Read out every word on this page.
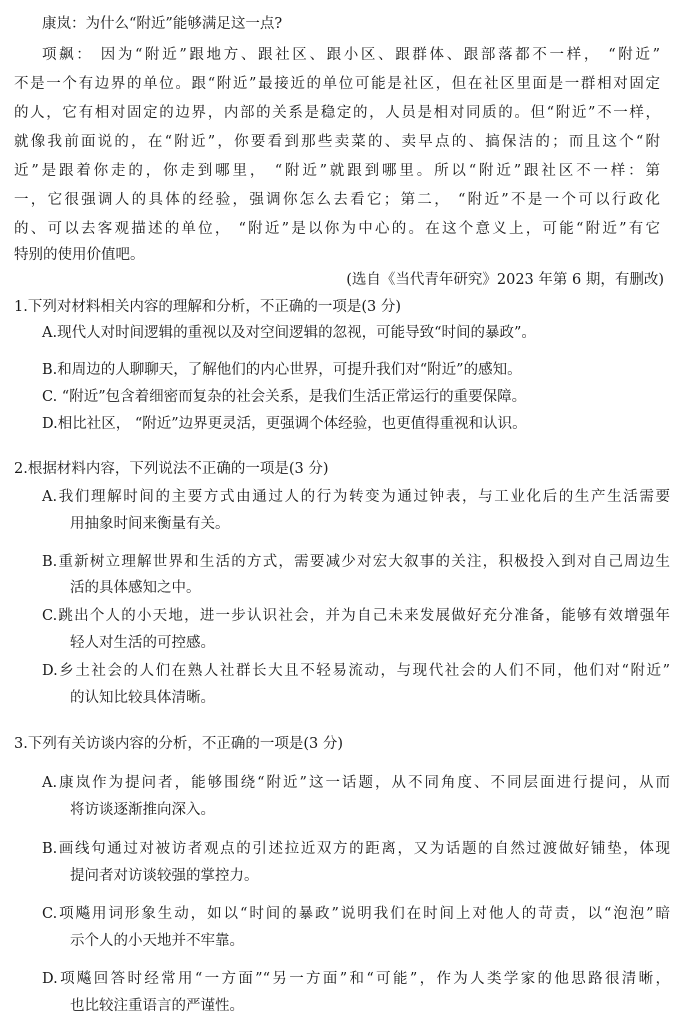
康岚：为什么“附近”能够满足这一点?
项飙： 因为“附近”跟地方、跟社区、跟小区、跟群体、跟部落都不一样， “附近”
不是一个有边界的单位。跟“附近”最接近的单位可能是社区，但在社区里面是一群相对固定
的人，它有相对固定的边界，内部的关系是稳定的，人员是相对同质的。但“附近”不一样，
就像我前面说的，在“附近”，你要看到那些卖菜的、卖早点的、搞保洁的；而且这个“附
近”是跟着你走的，你走到哪里， “附近”就跟到哪里。所以“附近”跟社区不一样：第
一，它很强调人的具体的经验，强调你怎么去看它；第二， “附近”不是一个可以行政化
的、可以去客观描述的单位， “附近”是以你为中心的。在这个意义上，可能“附近”有它
特别的使用价值吧。
(选自《当代青年研究》2023 年第 6 期，有删改)
1.下列对材料相关内容的理解和分析，不正确的一项是(3 分)
A.现代人对时间逻辑的重视以及对空间逻辑的忽视，可能导致“时间的暴政”。
B.和周边的人聊聊天，了解他们的内心世界，可提升我们对“附近”的感知。
C. “附近”包含着细密而复杂的社会关系，是我们生活正常运行的重要保障。
D.相比社区， “附近”边界更灵活，更强调个体经验，也更值得重视和认识。
2.根据材料内容，下列说法不正确的一项是(3 分)
A.我们理解时间的主要方式由通过人的行为转变为通过钟表，与工业化后的生产生活需要
用抽象时间来衡量有关。
B.重新树立理解世界和生活的方式，需要减少对宏大叙事的关注，积极投入到对自己周边生
活的具体感知之中。
C.跳出个人的小天地，进一步认识社会，并为自己未来发展做好充分准备，能够有效增强年
轻人对生活的可控感。
D.乡土社会的人们在熟人社群长大且不轻易流动，与现代社会的人们不同，他们对“附近”
的认知比较具体清晰。
3.下列有关访谈内容的分析，不正确的一项是(3 分)
A.康岚作为提问者，能够围绕“附近”这一话题，从不同角度、不同层面进行提问，从而
将访谈逐渐推向深入。
B.画线句通过对被访者观点的引述拉近双方的距离，又为话题的自然过渡做好铺垫，体现
提问者对访谈较强的掌控力。
C.项飚用词形象生动，如以“时间的暴政”说明我们在时间上对他人的苛责，以“泡泡”暗
示个人的小天地并不牢靠。
D.项飚回答时经常用“一方面”“另一方面”和“可能”，作为人类学家的他思路很清晰，
也比较注重语言的严谨性。
